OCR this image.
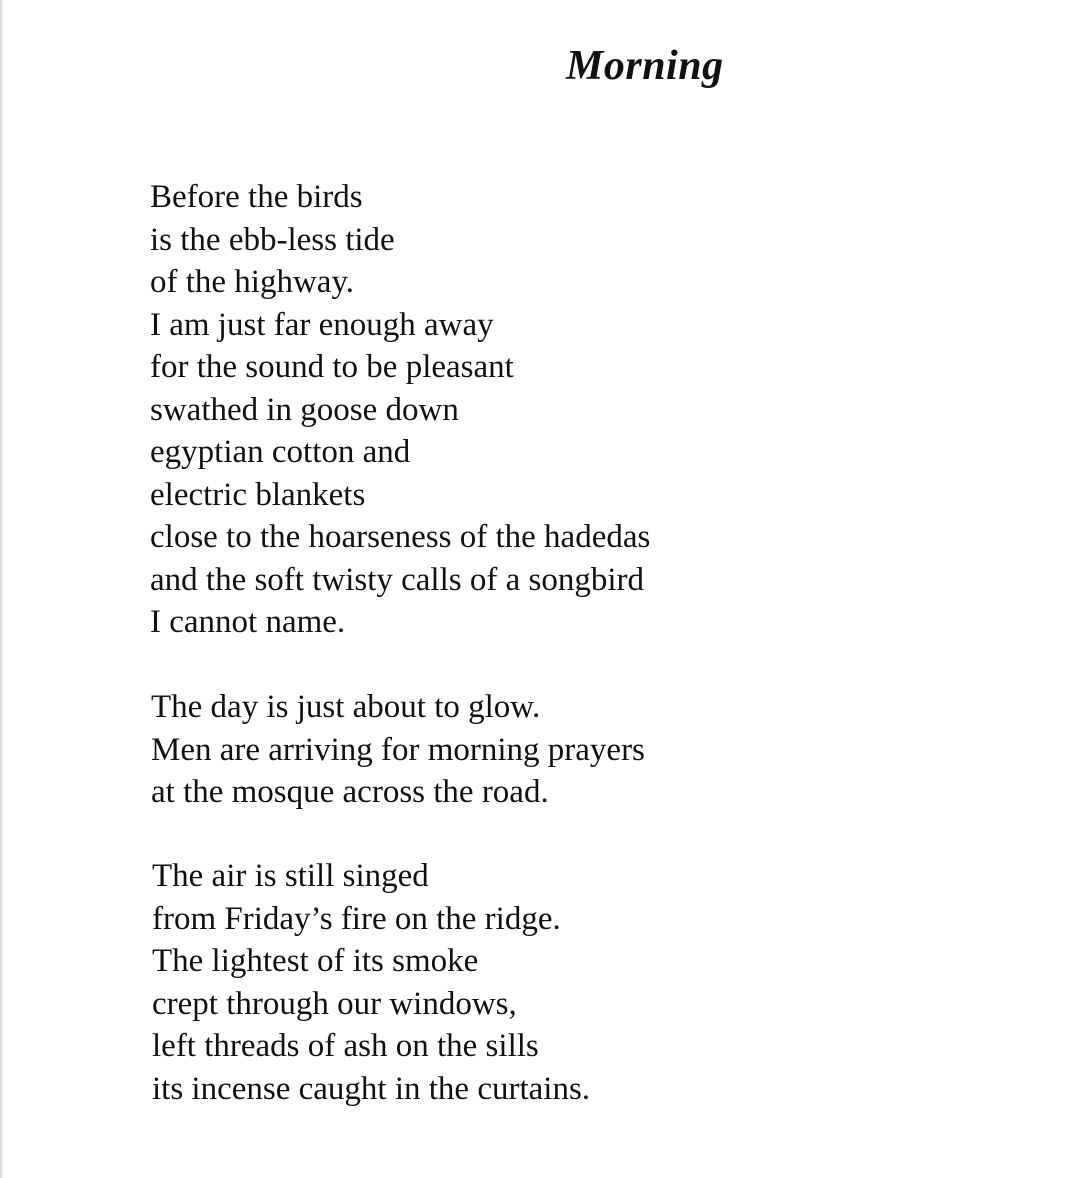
Morning
Before the birds
is the ebb-less tide
of the highway.
I am just far enough away
for the sound to be pleasant
swathed in goose down
egyptian cotton and
electric blankets
close to the hoarseness of the hadedas
and the soft twisty calls of a songbird
I cannot name.
The day is just about to glow.
Men are arriving for morning prayers
at the mosque across the road.
The air is still singed
from Friday’s fire on the ridge.
The lightest of its smoke
crept through our windows,
left threads of ash on the sills
its incense caught in the curtains.
